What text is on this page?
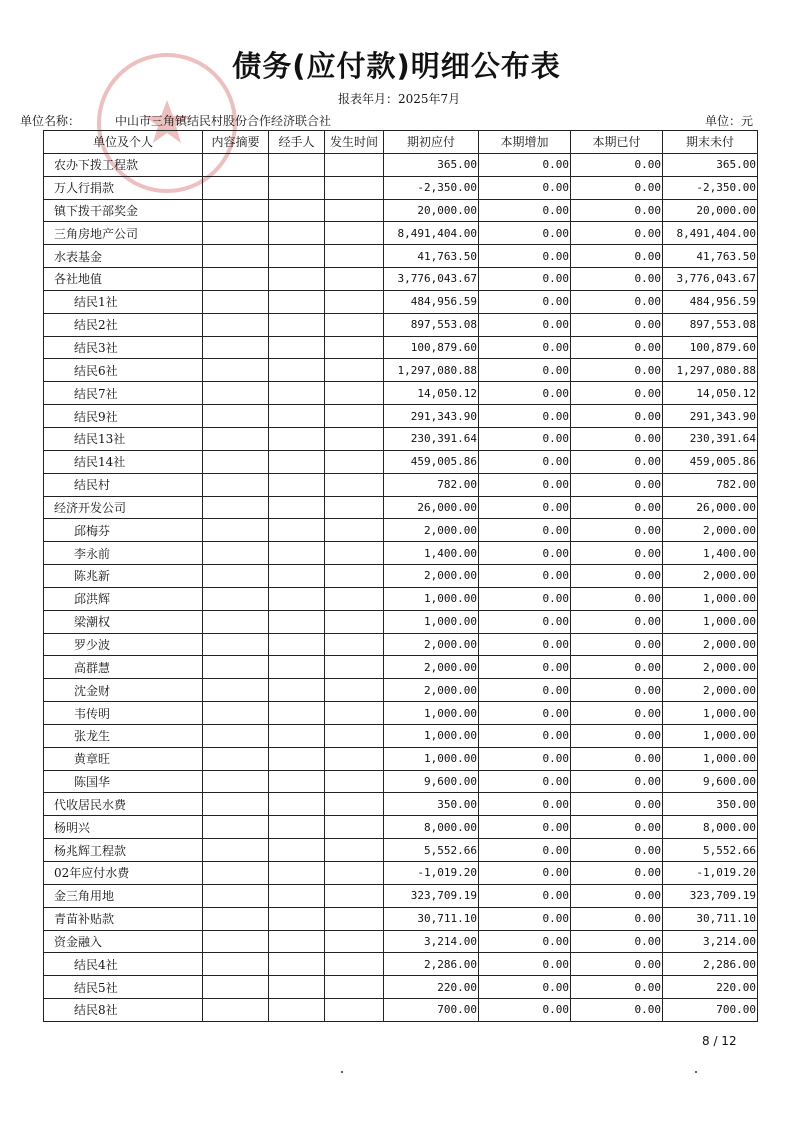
债务(应付款)明细公布表
报表年月：2025年7月
单位名称：	中山市三角镇结民村股份合作经济联合社	单位：元
单位及个人	内容摘要	经手人	发生时间	期初应付	本期增加	本期已付	期末未付
农办下拨工程款				365.00	0.00	0.00	365.00
万人行捐款				-2,350.00	0.00	0.00	-2,350.00
镇下拨干部奖金				20,000.00	0.00	0.00	20,000.00
三角房地产公司				8,491,404.00	0.00	0.00	8,491,404.00
水表基金				41,763.50	0.00	0.00	41,763.50
各社地值				3,776,043.67	0.00	0.00	3,776,043.67
结民1社				484,956.59	0.00	0.00	484,956.59
结民2社				897,553.08	0.00	0.00	897,553.08
结民3社				100,879.60	0.00	0.00	100,879.60
结民6社				1,297,080.88	0.00	0.00	1,297,080.88
结民7社				14,050.12	0.00	0.00	14,050.12
结民9社				291,343.90	0.00	0.00	291,343.90
结民13社				230,391.64	0.00	0.00	230,391.64
结民14社				459,005.86	0.00	0.00	459,005.86
结民村				782.00	0.00	0.00	782.00
经济开发公司				26,000.00	0.00	0.00	26,000.00
邱梅芬				2,000.00	0.00	0.00	2,000.00
李永前				1,400.00	0.00	0.00	1,400.00
陈兆新				2,000.00	0.00	0.00	2,000.00
邱洪辉				1,000.00	0.00	0.00	1,000.00
梁潮权				1,000.00	0.00	0.00	1,000.00
罗少波				2,000.00	0.00	0.00	2,000.00
高群慧				2,000.00	0.00	0.00	2,000.00
沈金财				2,000.00	0.00	0.00	2,000.00
韦传明				1,000.00	0.00	0.00	1,000.00
张龙生				1,000.00	0.00	0.00	1,000.00
黄章旺				1,000.00	0.00	0.00	1,000.00
陈国华				9,600.00	0.00	0.00	9,600.00
代收居民水费				350.00	0.00	0.00	350.00
杨明兴				8,000.00	0.00	0.00	8,000.00
杨兆辉工程款				5,552.66	0.00	0.00	5,552.66
02年应付水费				-1,019.20	0.00	0.00	-1,019.20
金三角用地				323,709.19	0.00	0.00	323,709.19
青苗补贴款				30,711.10	0.00	0.00	30,711.10
资金融入				3,214.00	0.00	0.00	3,214.00
结民4社				2,286.00	0.00	0.00	2,286.00
结民5社				220.00	0.00	0.00	220.00
结民8社				700.00	0.00	0.00	700.00
8 / 12
